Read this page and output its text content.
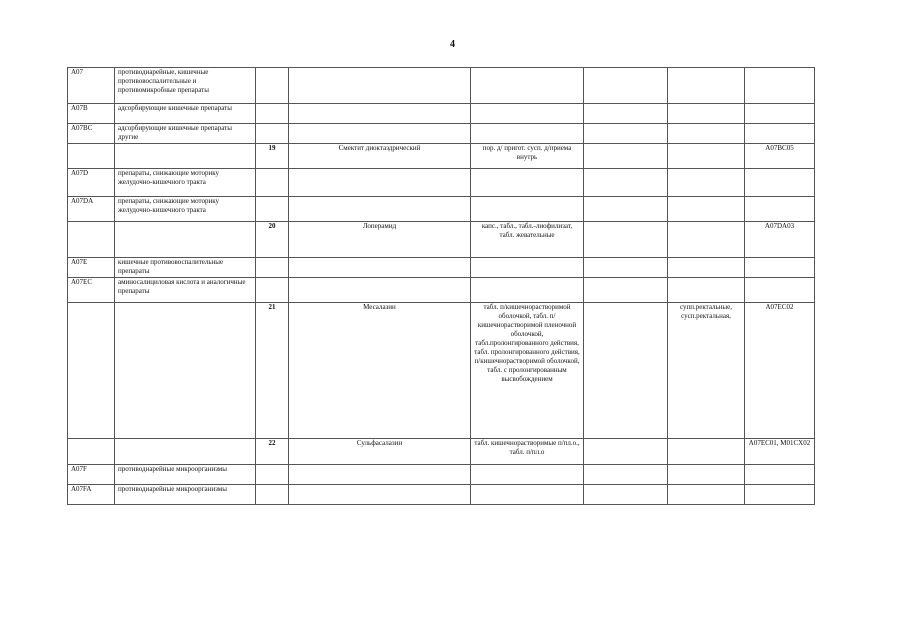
4
A07	противодиарейные, кишечные противовоспалительные и противомикробные препараты						
A07B	адсорбирующие кишечные препараты						
A07BC	адсорбирующие кишечные препараты другие						
		19	Смектит диоктаэдрический	пор. д/ пригот. сусп. д/приема внутрь			A07BC05
A07D	препараты, снижающие моторику желудочно-кишечного тракта						
A07DA	препараты, снижающие моторику желудочно-кишечного тракта						
		20	Лоперамид	капс., табл., табл.-лиофилизат, табл. жевательные			A07DA03
A07E	кишечные противовоспалительные препараты						
A07EC	аминосалициловая кислота и аналогичные препараты						
		21	Месалазин	табл. п/кишечнорастворимой оболочкой, табл. п/кишечнорастворимой пленочной оболочкой, табл.пролонгированного действия, табл. пролонгированного действия, п/кишечнорастворимой оболочкой, табл. с пролонгированным высвобождением		супп.ректальные, сусп.ректальная,	A07EC02
		22	Сульфасалазин	табл. кишечнорастворимые п/пл.о., табл. п/пл.о			A07EC01, M01CX02
A07F	противодиарейные микроорганизмы						
A07FA	противодиарейные микроорганизмы						
